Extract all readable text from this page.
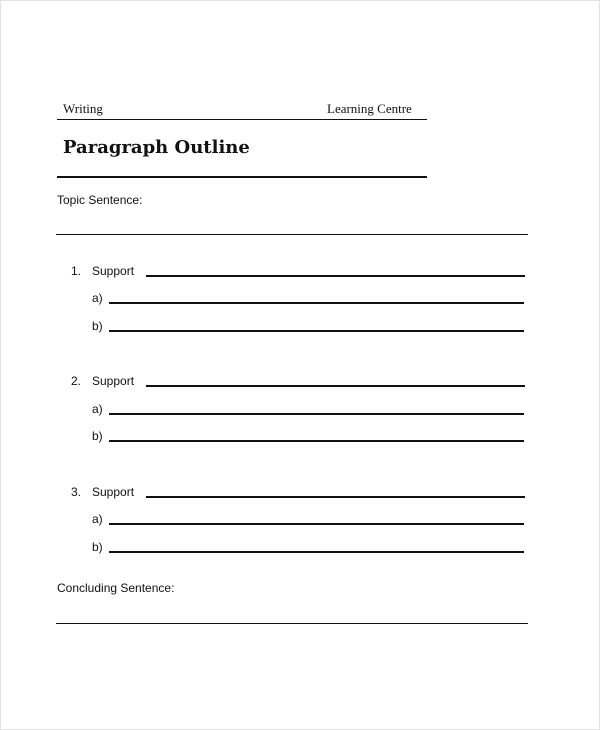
Writing	Learning Centre
Paragraph Outline
Topic Sentence:
1. Support
a)
b)
2. Support
a)
b)
3. Support
a)
b)
Concluding Sentence:
